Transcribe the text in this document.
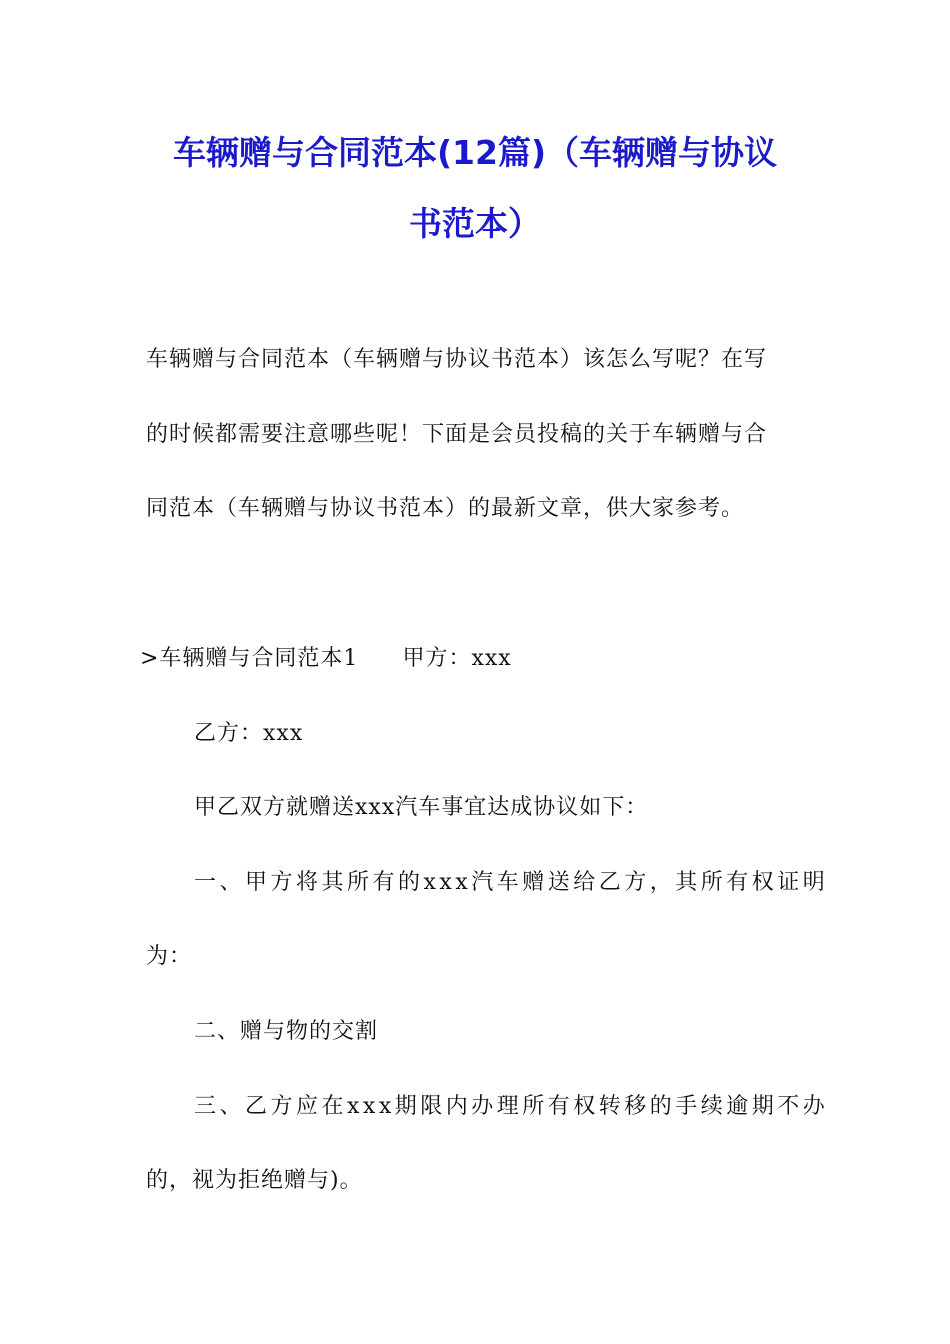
车辆赠与合同范本(12篇)（车辆赠与协议
书范本）
车辆赠与合同范本（车辆赠与协议书范本）该怎么写呢？在写
的时候都需要注意哪些呢！下面是会员投稿的关于车辆赠与合
同范本（车辆赠与协议书范本）的最新文章，供大家参考。
>车辆赠与合同范本1 甲方：xxx
乙方：xxx
甲乙双方就赠送xxx汽车事宜达成协议如下：
一、甲方将其所有的xxx汽车赠送给乙方，其所有权证明
为：
二、赠与物的交割
三、乙方应在xxx期限内办理所有权转移的手续逾期不办
的，视为拒绝赠与)。
